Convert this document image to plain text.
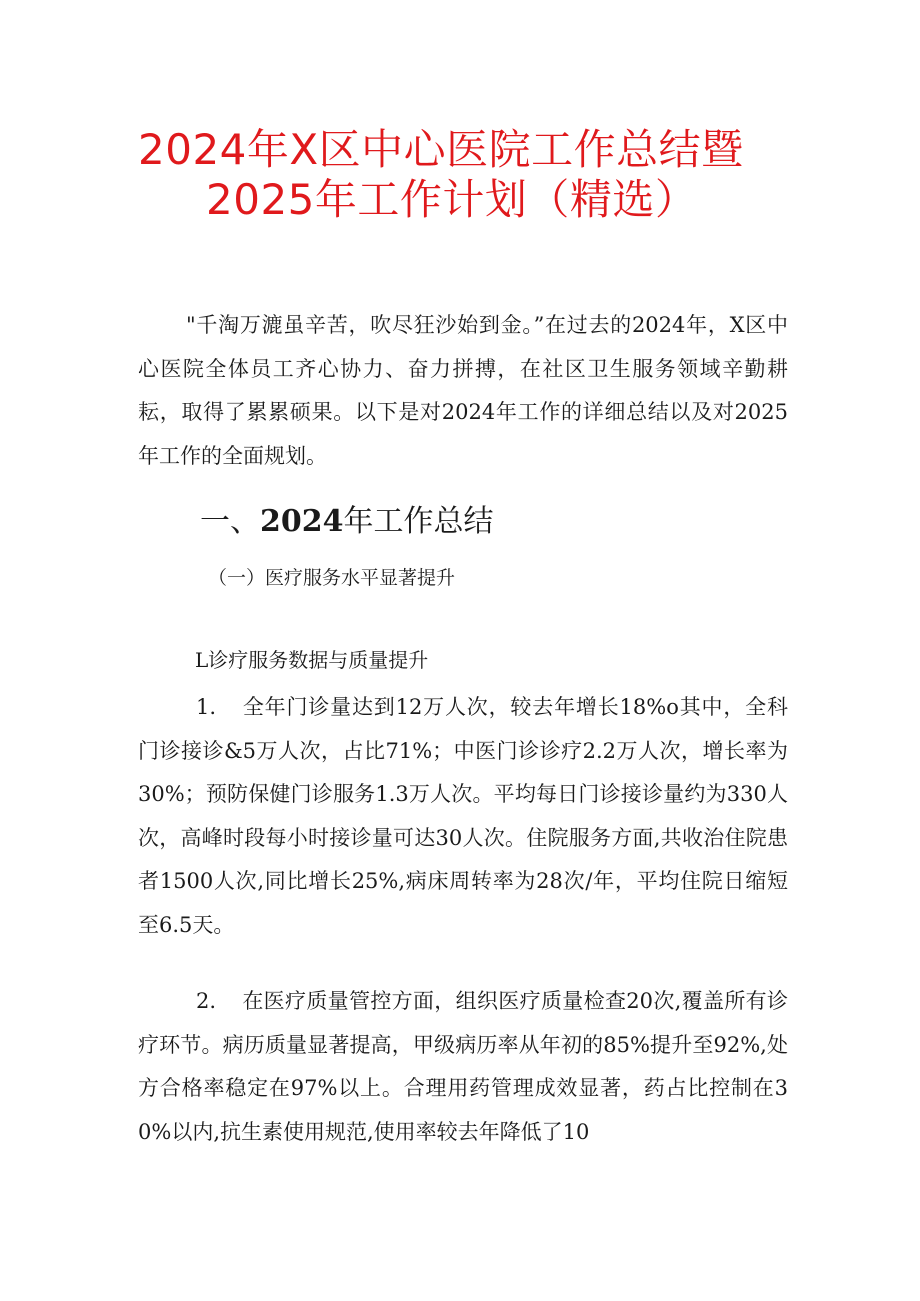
2024年X区中心医院工作总结暨
2025年工作计划（精选）

"千淘万漉虽辛苦，吹尽狂沙始到金。”在过去的2024年，X区中心医院全体员工齐心协力、奋力拼搏，在社区卫生服务领域辛勤耕耘，取得了累累硕果。以下是对2024年工作的详细总结以及对2025年工作的全面规划。

一、2024年工作总结
（一）医疗服务水平显著提升
L诊疗服务数据与质量提升

1. 全年门诊量达到12万人次，较去年增长18%o其中，全科门诊接诊&5万人次，占比71%；中医门诊诊疗2.2万人次，增长率为30%；预防保健门诊服务1.3万人次。平均每日门诊接诊量约为330人次，高峰时段每小时接诊量可达30人次。住院服务方面,共收治住院患者1500人次,同比增长25%,病床周转率为28次/年，平均住院日缩短至6.5天。

2. 在医疗质量管控方面，组织医疗质量检查20次,覆盖所有诊疗环节。病历质量显著提高，甲级病历率从年初的85%提升至92%,处方合格率稳定在97%以上。合理用药管理成效显著，药占比控制在30%以内,抗生素使用规范,使用率较去年降低了10
